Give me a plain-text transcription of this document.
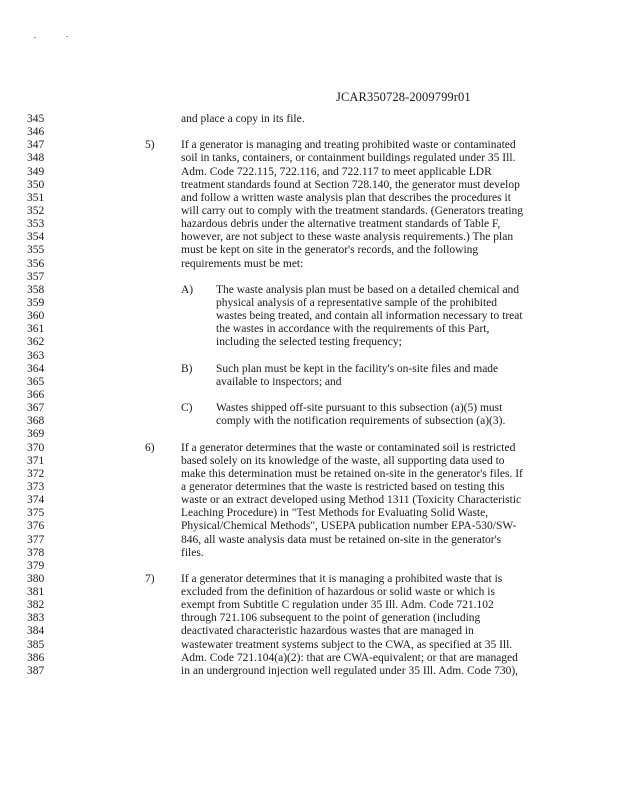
JCAR350728-2009799r01
345
346
347
348
349
350
351
352
353
354
355
356
357
358
359
360
361
362
363
364
365
366
367
368
369
370
371
372
373
374
375
376
377
378
379
380
381
382
383
384
385
386
387
and place a copy in its file.
5) If a generator is managing and treating prohibited waste or contaminated
soil in tanks, containers, or containment buildings regulated under 35 Ill.
Adm. Code 722.115, 722.116, and 722.117 to meet applicable LDR
treatment standards found at Section 728.140, the generator must develop
and follow a written waste analysis plan that describes the procedures it
will carry out to comply with the treatment standards. (Generators treating
hazardous debris under the alternative treatment standards of Table F,
however, are not subject to these waste analysis requirements.) The plan
must be kept on site in the generator's records, and the following
requirements must be met:
A) The waste analysis plan must be based on a detailed chemical and
physical analysis of a representative sample of the prohibited
wastes being treated, and contain all information necessary to treat
the wastes in accordance with the requirements of this Part,
including the selected testing frequency;
B) Such plan must be kept in the facility's on-site files and made
available to inspectors; and
C) Wastes shipped off-site pursuant to this subsection (a)(5) must
comply with the notification requirements of subsection (a)(3).
6) If a generator determines that the waste or contaminated soil is restricted
based solely on its knowledge of the waste, all supporting data used to
make this determination must be retained on-site in the generator's files. If
a generator determines that the waste is restricted based on testing this
waste or an extract developed using Method 1311 (Toxicity Characteristic
Leaching Procedure) in "Test Methods for Evaluating Solid Waste,
Physical/Chemical Methods", USEPA publication number EPA-530/SW-
846, all waste analysis data must be retained on-site in the generator's
files.
7) If a generator determines that it is managing a prohibited waste that is
excluded from the definition of hazardous or solid waste or which is
exempt from Subtitle C regulation under 35 Ill. Adm. Code 721.102
through 721.106 subsequent to the point of generation (including
deactivated characteristic hazardous wastes that are managed in
wastewater treatment systems subject to the CWA, as specified at 35 Ill.
Adm. Code 721.104(a)(2): that are CWA-equivalent; or that are managed
in an underground injection well regulated under 35 Ill. Adm. Code 730),
